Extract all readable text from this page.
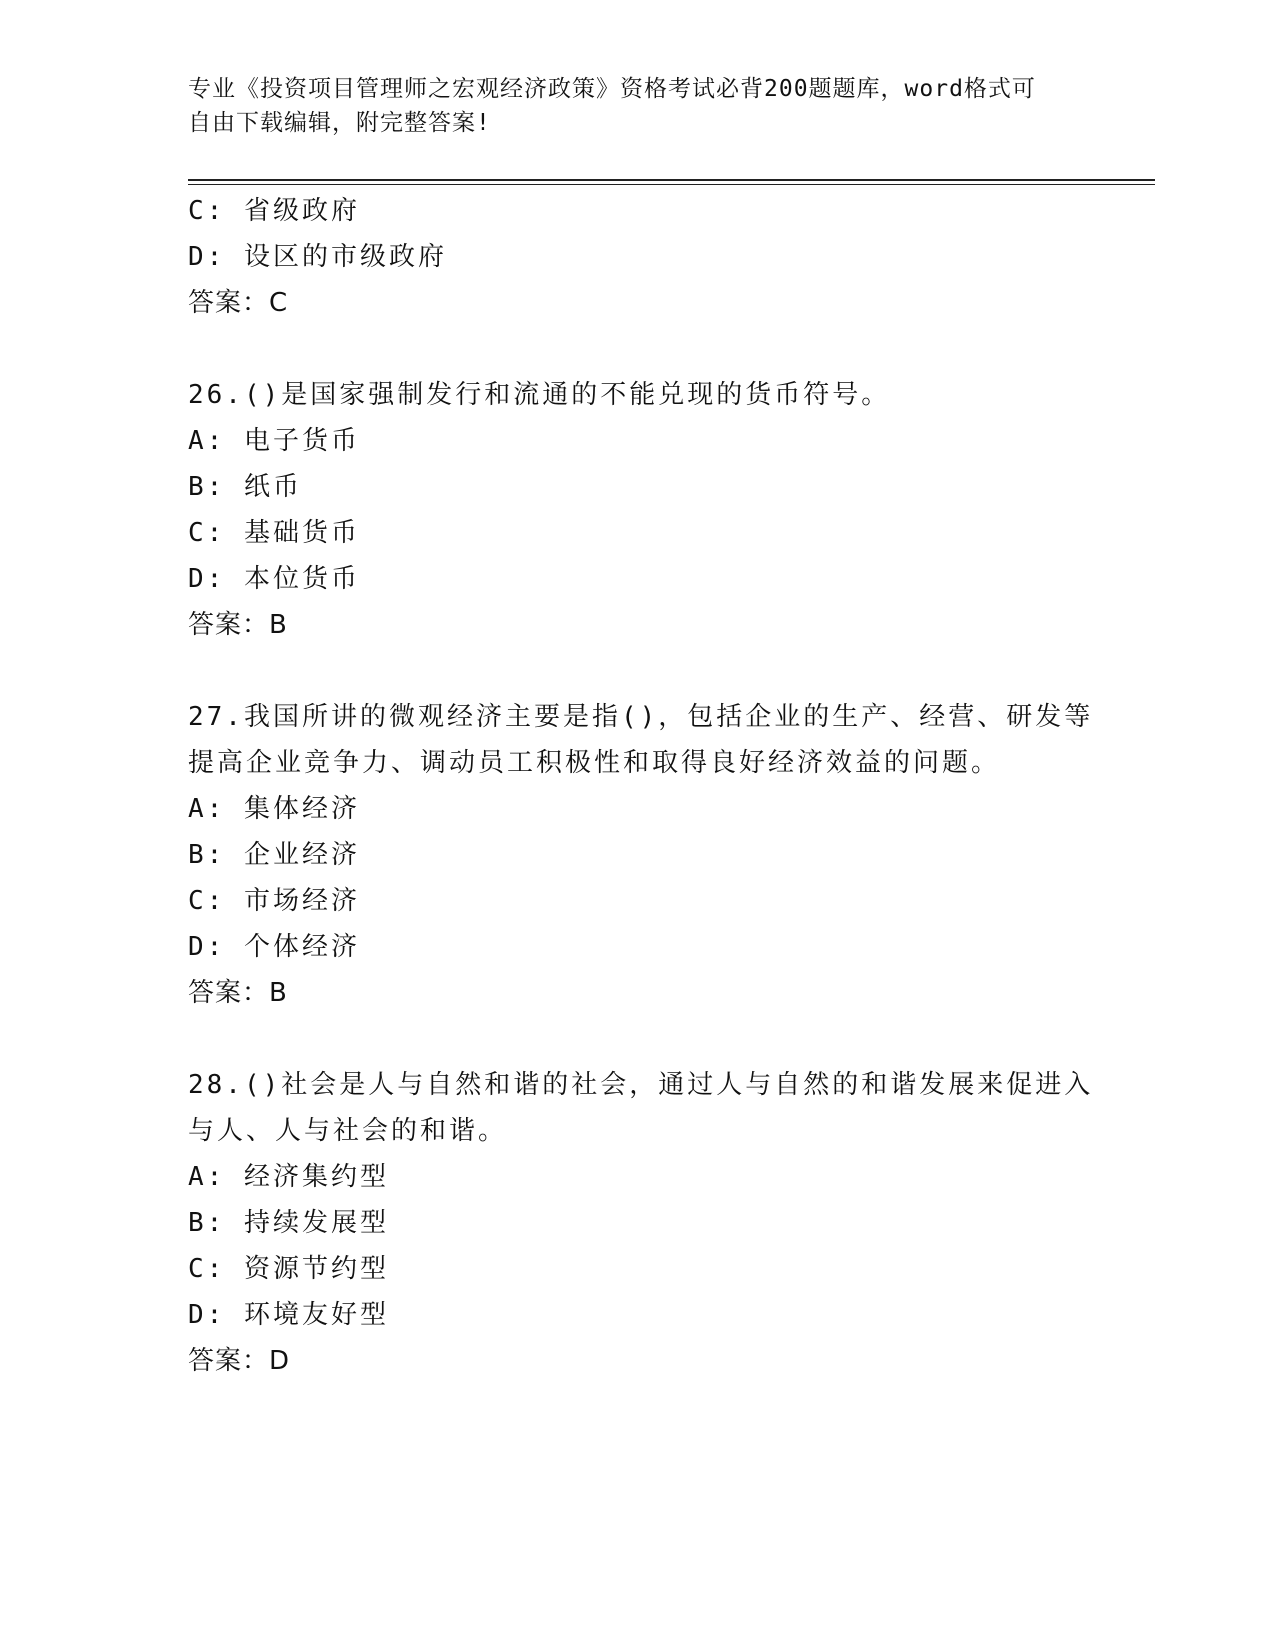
专业《投资项目管理师之宏观经济政策》资格考试必背200题题库，word格式可
自由下载编辑，附完整答案!
C: 省级政府
D: 设区的市级政府
答案：C
26.()是国家强制发行和流通的不能兑现的货币符号。
A: 电子货币
B: 纸币
C: 基础货币
D: 本位货币
答案：B
27.我国所讲的微观经济主要是指()，包括企业的生产、经营、研发等
提高企业竞争力、调动员工积极性和取得良好经济效益的问题。
A: 集体经济
B: 企业经济
C: 市场经济
D: 个体经济
答案：B
28.()社会是人与自然和谐的社会，通过人与自然的和谐发展来促进入
与人、人与社会的和谐。
A: 经济集约型
B: 持续发展型
C: 资源节约型
D: 环境友好型
答案：D
